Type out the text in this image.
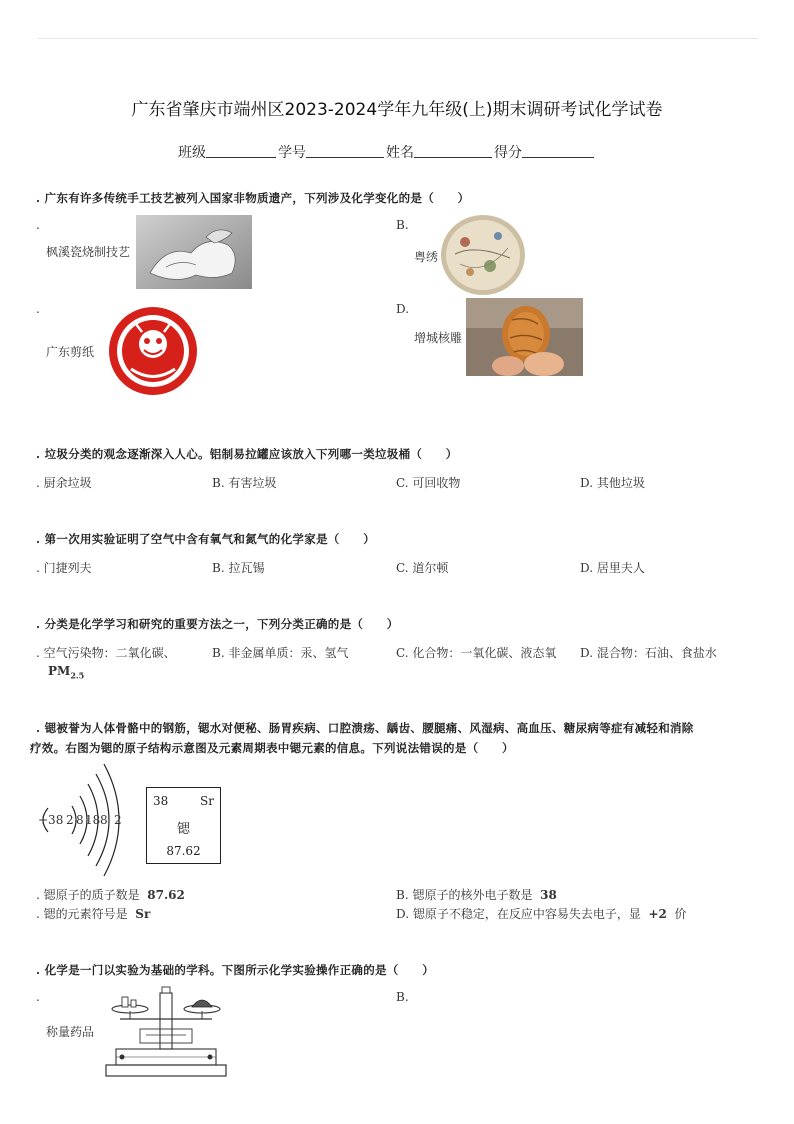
广东省肇庆市端州区2023-2024学年九年级(上)期末调研考试化学试卷
班级	学号	姓名	得分
. 广东有许多传统手工技艺被列入国家非物质遗产，下列涉及化学变化的是（　　）
.
枫溪瓷烧制技艺
B.
粤绣
.
广东剪纸
D.
增城核雕
. 垃圾分类的观念逐渐深入人心。铝制易拉罐应该放入下列哪一类垃圾桶（　　）
. 厨余垃圾	B. 有害垃圾	C. 可回收物	D. 其他垃圾
. 第一次用实验证明了空气中含有氧气和氮气的化学家是（　　）
. 门捷列夫	B. 拉瓦锡	C. 道尔顿	D. 居里夫人
. 分类是化学学习和研究的重要方法之一，下列分类正确的是（　　）
. 空气污染物：二氧化碳、
$PM_{2.5}$
B. 非金属单质：汞、氢气	C. 化合物：一氧化碳、液态氧 D. 混合物：石油、食盐水
. 锶被誉为人体骨骼中的钢筋，锶水对便秘、肠胃疾病、口腔溃疡、龋齿、腰腿痛、风湿病、高血压、糖尿病等症有减轻和消除
疗效。右图为锶的原子结构示意图及元素周期表中锶元素的信息。下列说法错误的是（　　）
+38 2 8 18 8 2
38	Sr
锶
87.62
. 锶原子的质子数是 87.62	B. 锶原子的核外电子数是 38
. 锶的元素符号是 Sr	D. 锶原子不稳定，在反应中容易失去电子，显 +2 价
. 化学是一门以实验为基础的学科。下图所示化学实验操作正确的是（　　）
.
称量药品
B.
